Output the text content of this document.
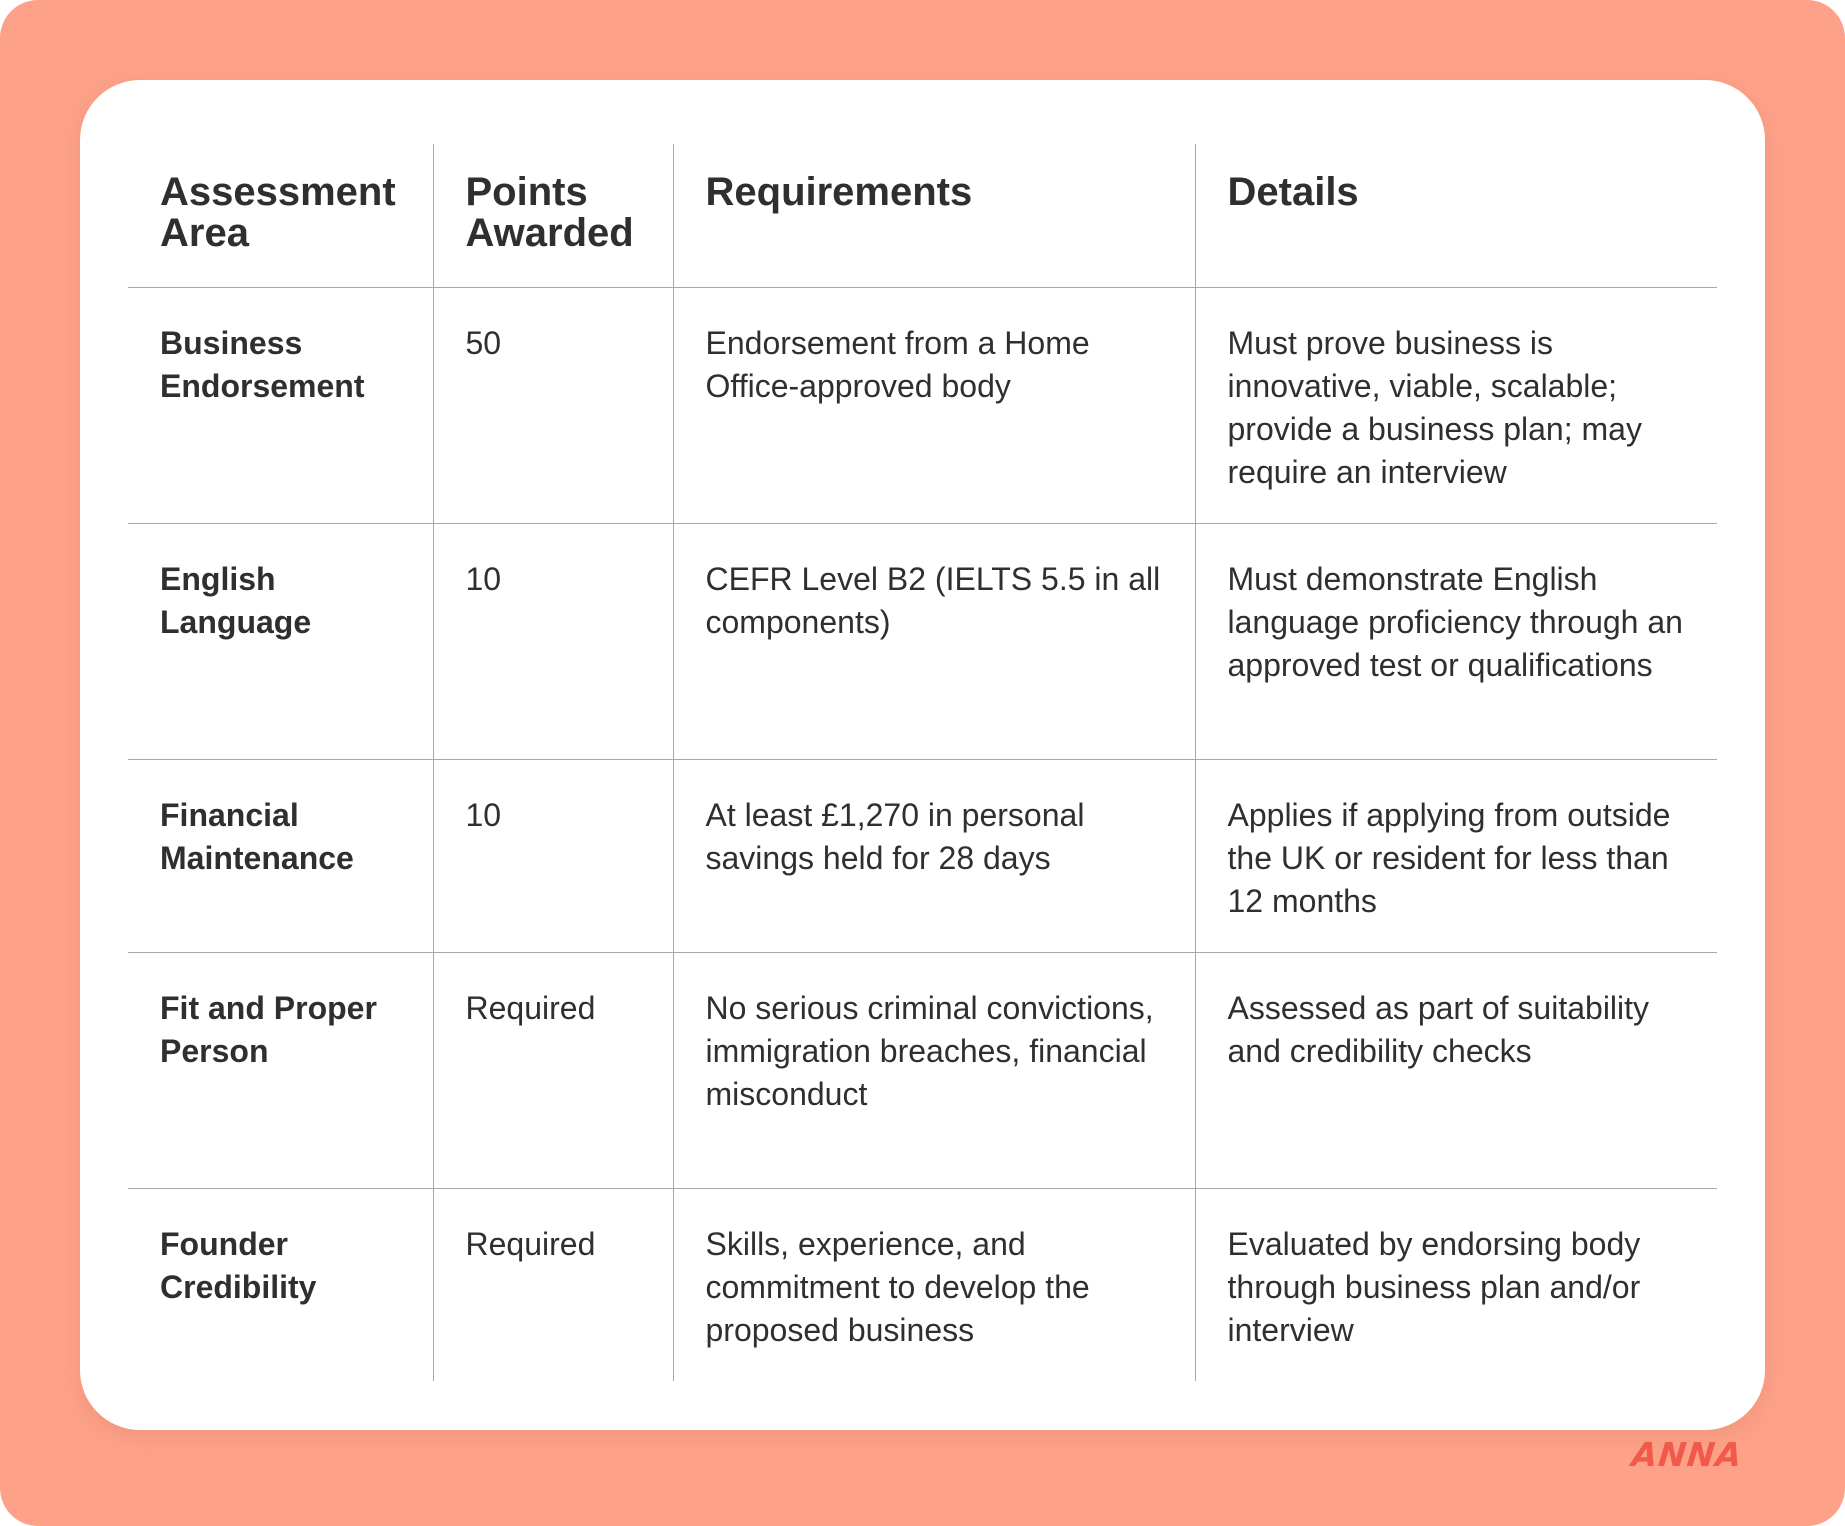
Assessment Area	Points Awarded	Requirements	Details
Business Endorsement	50	Endorsement from a Home Office-approved body	Must prove business is innovative, viable, scalable; provide a business plan; may require an interview
English Language	10	CEFR Level B2 (IELTS 5.5 in all components)	Must demonstrate English language proficiency through an approved test or qualifications
Financial Maintenance	10	At least £1,270 in personal savings held for 28 days	Applies if applying from outside the UK or resident for less than 12 months
Fit and Proper Person	Required	No serious criminal convictions, immigration breaches, financial misconduct	Assessed as part of suitability and credibility checks
Founder Credibility	Required	Skills, experience, and commitment to develop the proposed business	Evaluated by endorsing body through business plan and/or interview
ANNA
